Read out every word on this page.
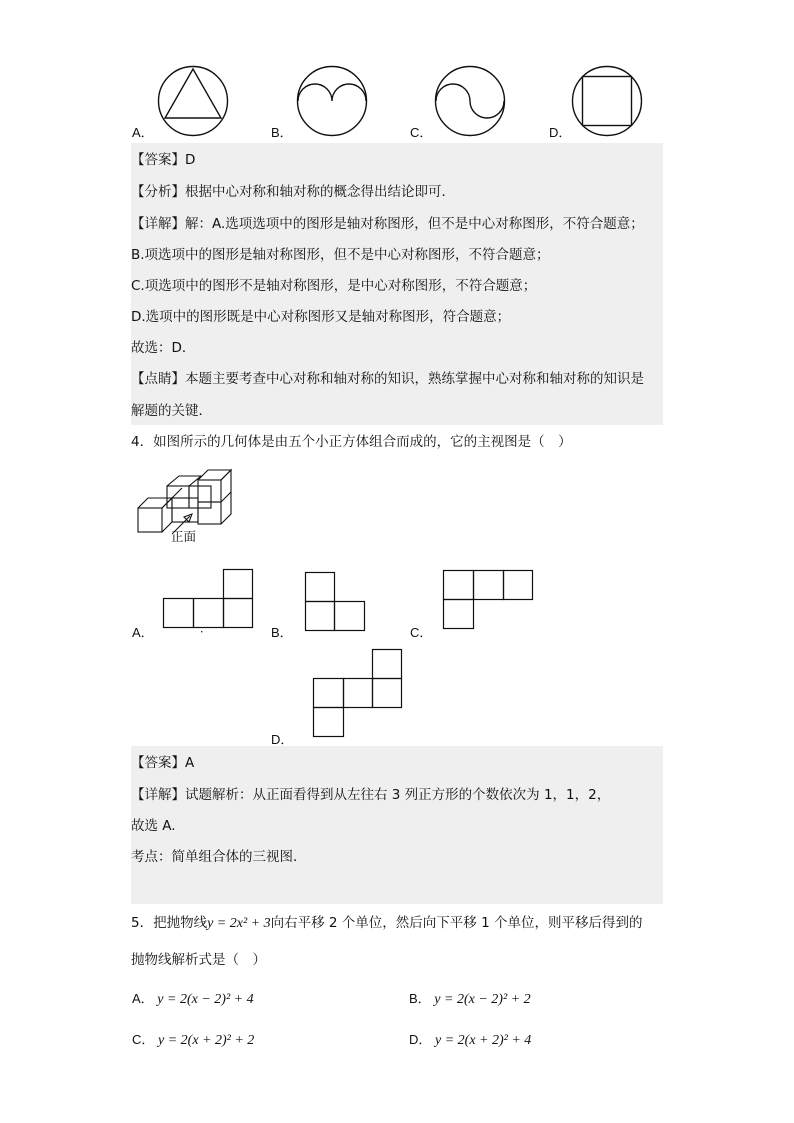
A．	B．	C．	D．
【答案】D
【分析】根据中心对称和轴对称的概念得出结论即可．
【详解】解：A.选项选项中的图形是轴对称图形，但不是中心对称图形，不符合题意；
B.项选项中的图形是轴对称图形，但不是中心对称图形，不符合题意；
C.项选项中的图形不是轴对称图形，是中心对称图形，不符合题意；
D.选项中的图形既是中心对称图形又是轴对称图形，符合题意；
故选：D．
【点睛】本题主要考查中心对称和轴对称的知识，熟练掌握中心对称和轴对称的知识是
解题的关键．
4．如图所示的几何体是由五个小正方体组合而成的，它的主视图是（　）
正面
A．	．	B．	C．
D．
【答案】A
【详解】试题解析：从正面看得到从左往右 3 列正方形的个数依次为 1，1，2，
故选 A.
考点：简单组合体的三视图．
5．把抛物线y = 2x² + 3向右平移 2 个单位，然后向下平移 1 个单位，则平移后得到的
抛物线解析式是（　）
A． y = 2(x − 2)² + 4	B． y = 2(x − 2)² + 2
C． y = 2(x + 2)² + 2	D． y = 2(x + 2)² + 4
